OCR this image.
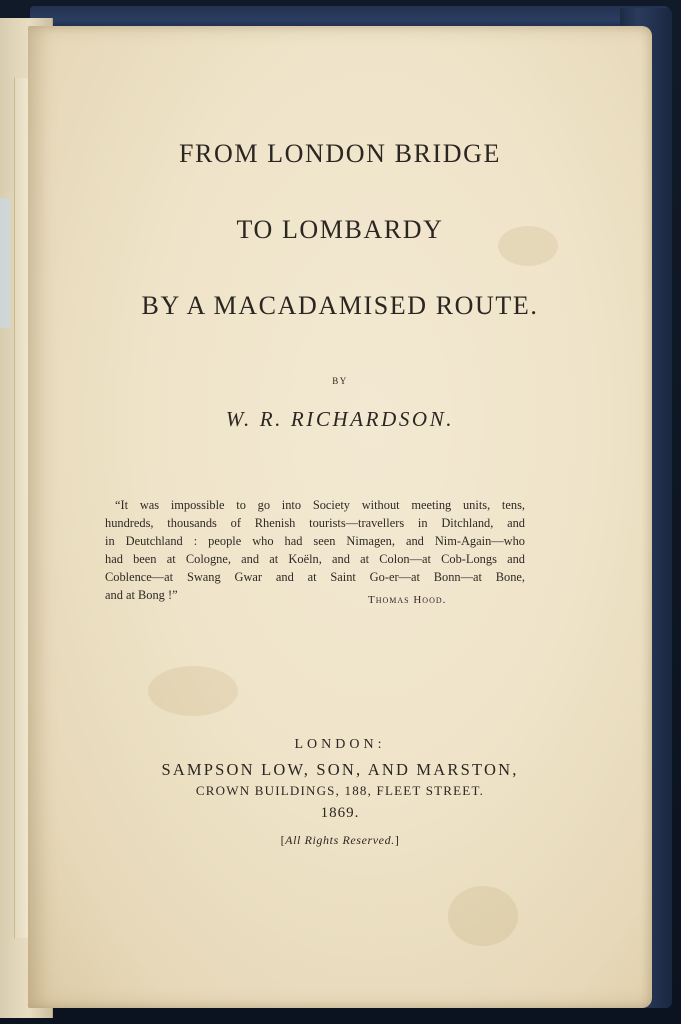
FROM LONDON BRIDGE
TO LOMBARDY
BY A MACADAMISED ROUTE.
BY
W. R. RICHARDSON.
“It was impossible to go into Society without meeting units, tens,
hundreds, thousands of Rhenish tourists—travellers in Ditchland, and
in Deutchland : people who had seen Nimagen, and Nim-Again—who
had been at Cologne, and at Koëln, and at Colon—at Cob-Longs and
Coblence—at Swang Gwar and at Saint Go-er—at Bonn—at Bone,
and at Bong !”	Thomas Hood.
LONDON:
SAMPSON LOW, SON, AND MARSTON,
CROWN BUILDINGS, 188, FLEET STREET.
1869.
[All Rights Reserved.]
